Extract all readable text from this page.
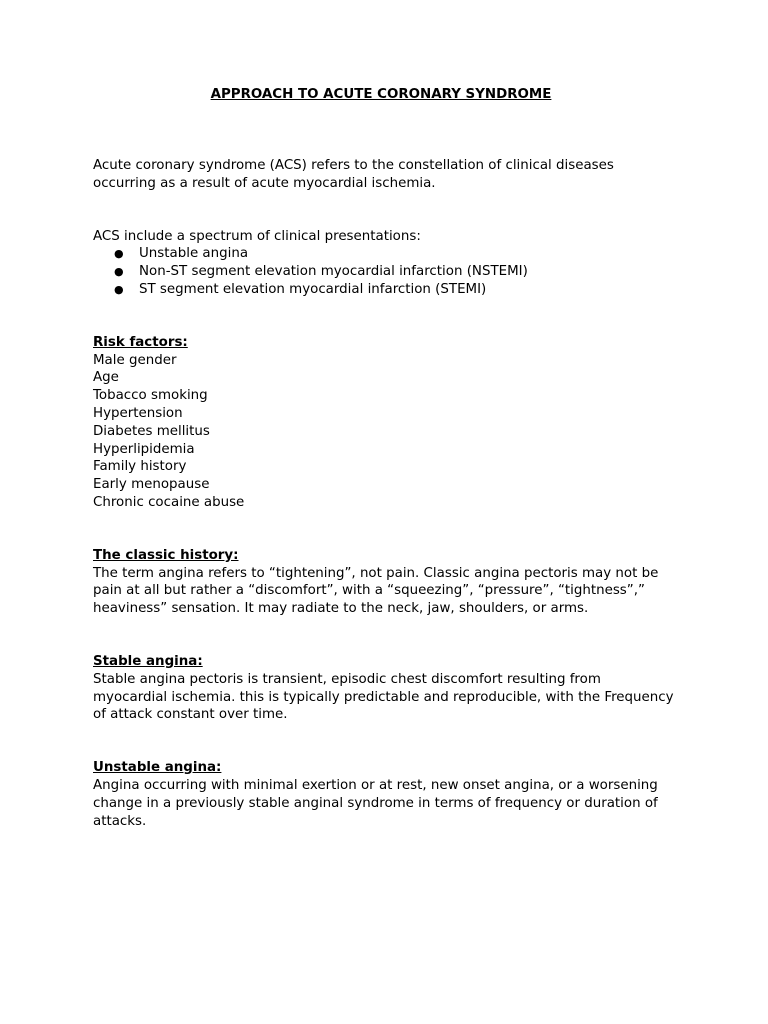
APPROACH TO ACUTE CORONARY SYNDROME

Acute coronary syndrome (ACS) refers to the constellation of clinical diseases occurring as a result of acute myocardial ischemia.

ACS include a spectrum of clinical presentations:

● Unstable angina
● Non-ST segment elevation myocardial infarction (NSTEMI)
● ST segment elevation myocardial infarction (STEMI)

Risk factors:

Male gender
Age
Tobacco smoking
Hypertension
Diabetes mellitus
Hyperlipidemia
Family history
Early menopause
Chronic cocaine abuse

The classic history:

The term angina refers to “tightening”, not pain. Classic angina pectoris may not be pain at all but rather a “discomfort”, with a “squeezing”, “pressure”, “tightness”,” heaviness” sensation. It may radiate to the neck, jaw, shoulders, or arms.

Stable angina:

Stable angina pectoris is transient, episodic chest discomfort resulting from myocardial ischemia. this is typically predictable and reproducible, with the Frequency of attack constant over time.

Unstable angina:

Angina occurring with minimal exertion or at rest, new onset angina, or a worsening change in a previously stable anginal syndrome in terms of frequency or duration of attacks.
